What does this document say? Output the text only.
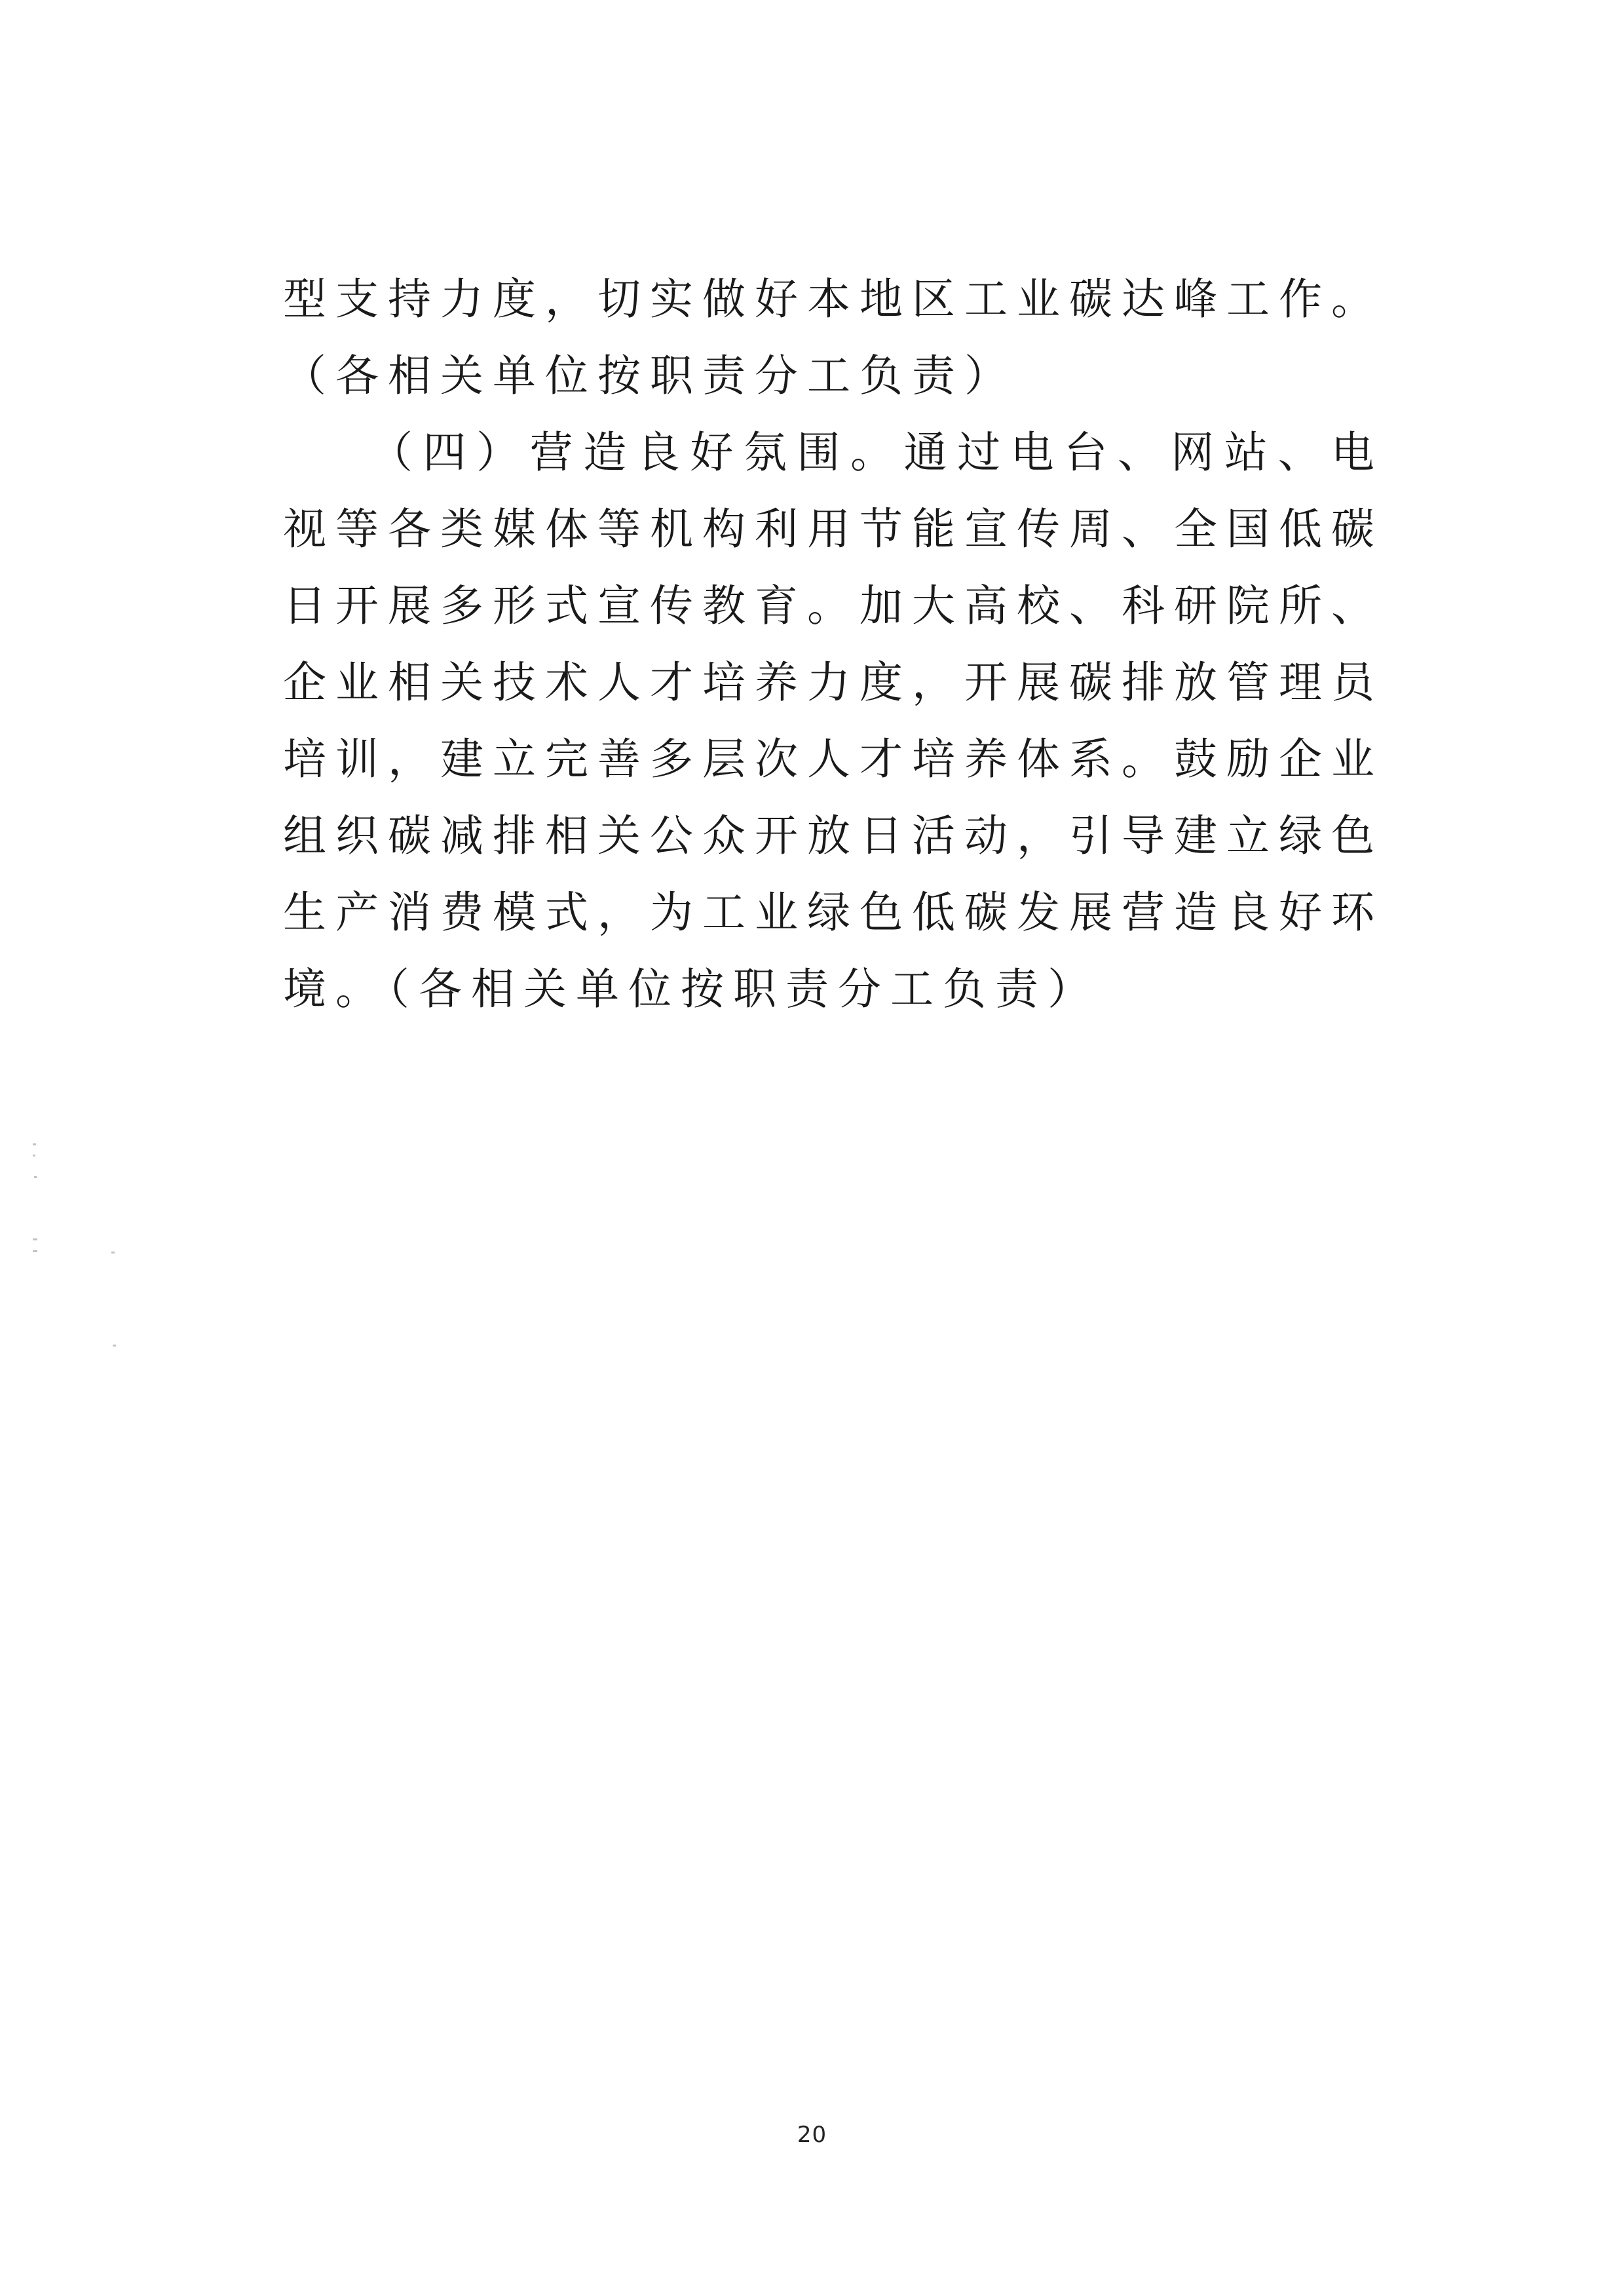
型支持力度，切实做好本地区工业碳达峰工作。（各相关单位按职责分工负责）

（四）营造良好氛围。通过电台、网站、电视等各类媒体等机构利用节能宣传周、全国低碳日开展多形式宣传教育。加大高校、科研院所、企业相关技术人才培养力度，开展碳排放管理员培训，建立完善多层次人才培养体系。鼓励企业组织碳减排相关公众开放日活动，引导建立绿色生产消费模式，为工业绿色低碳发展营造良好环境。（各相关单位按职责分工负责）

20
